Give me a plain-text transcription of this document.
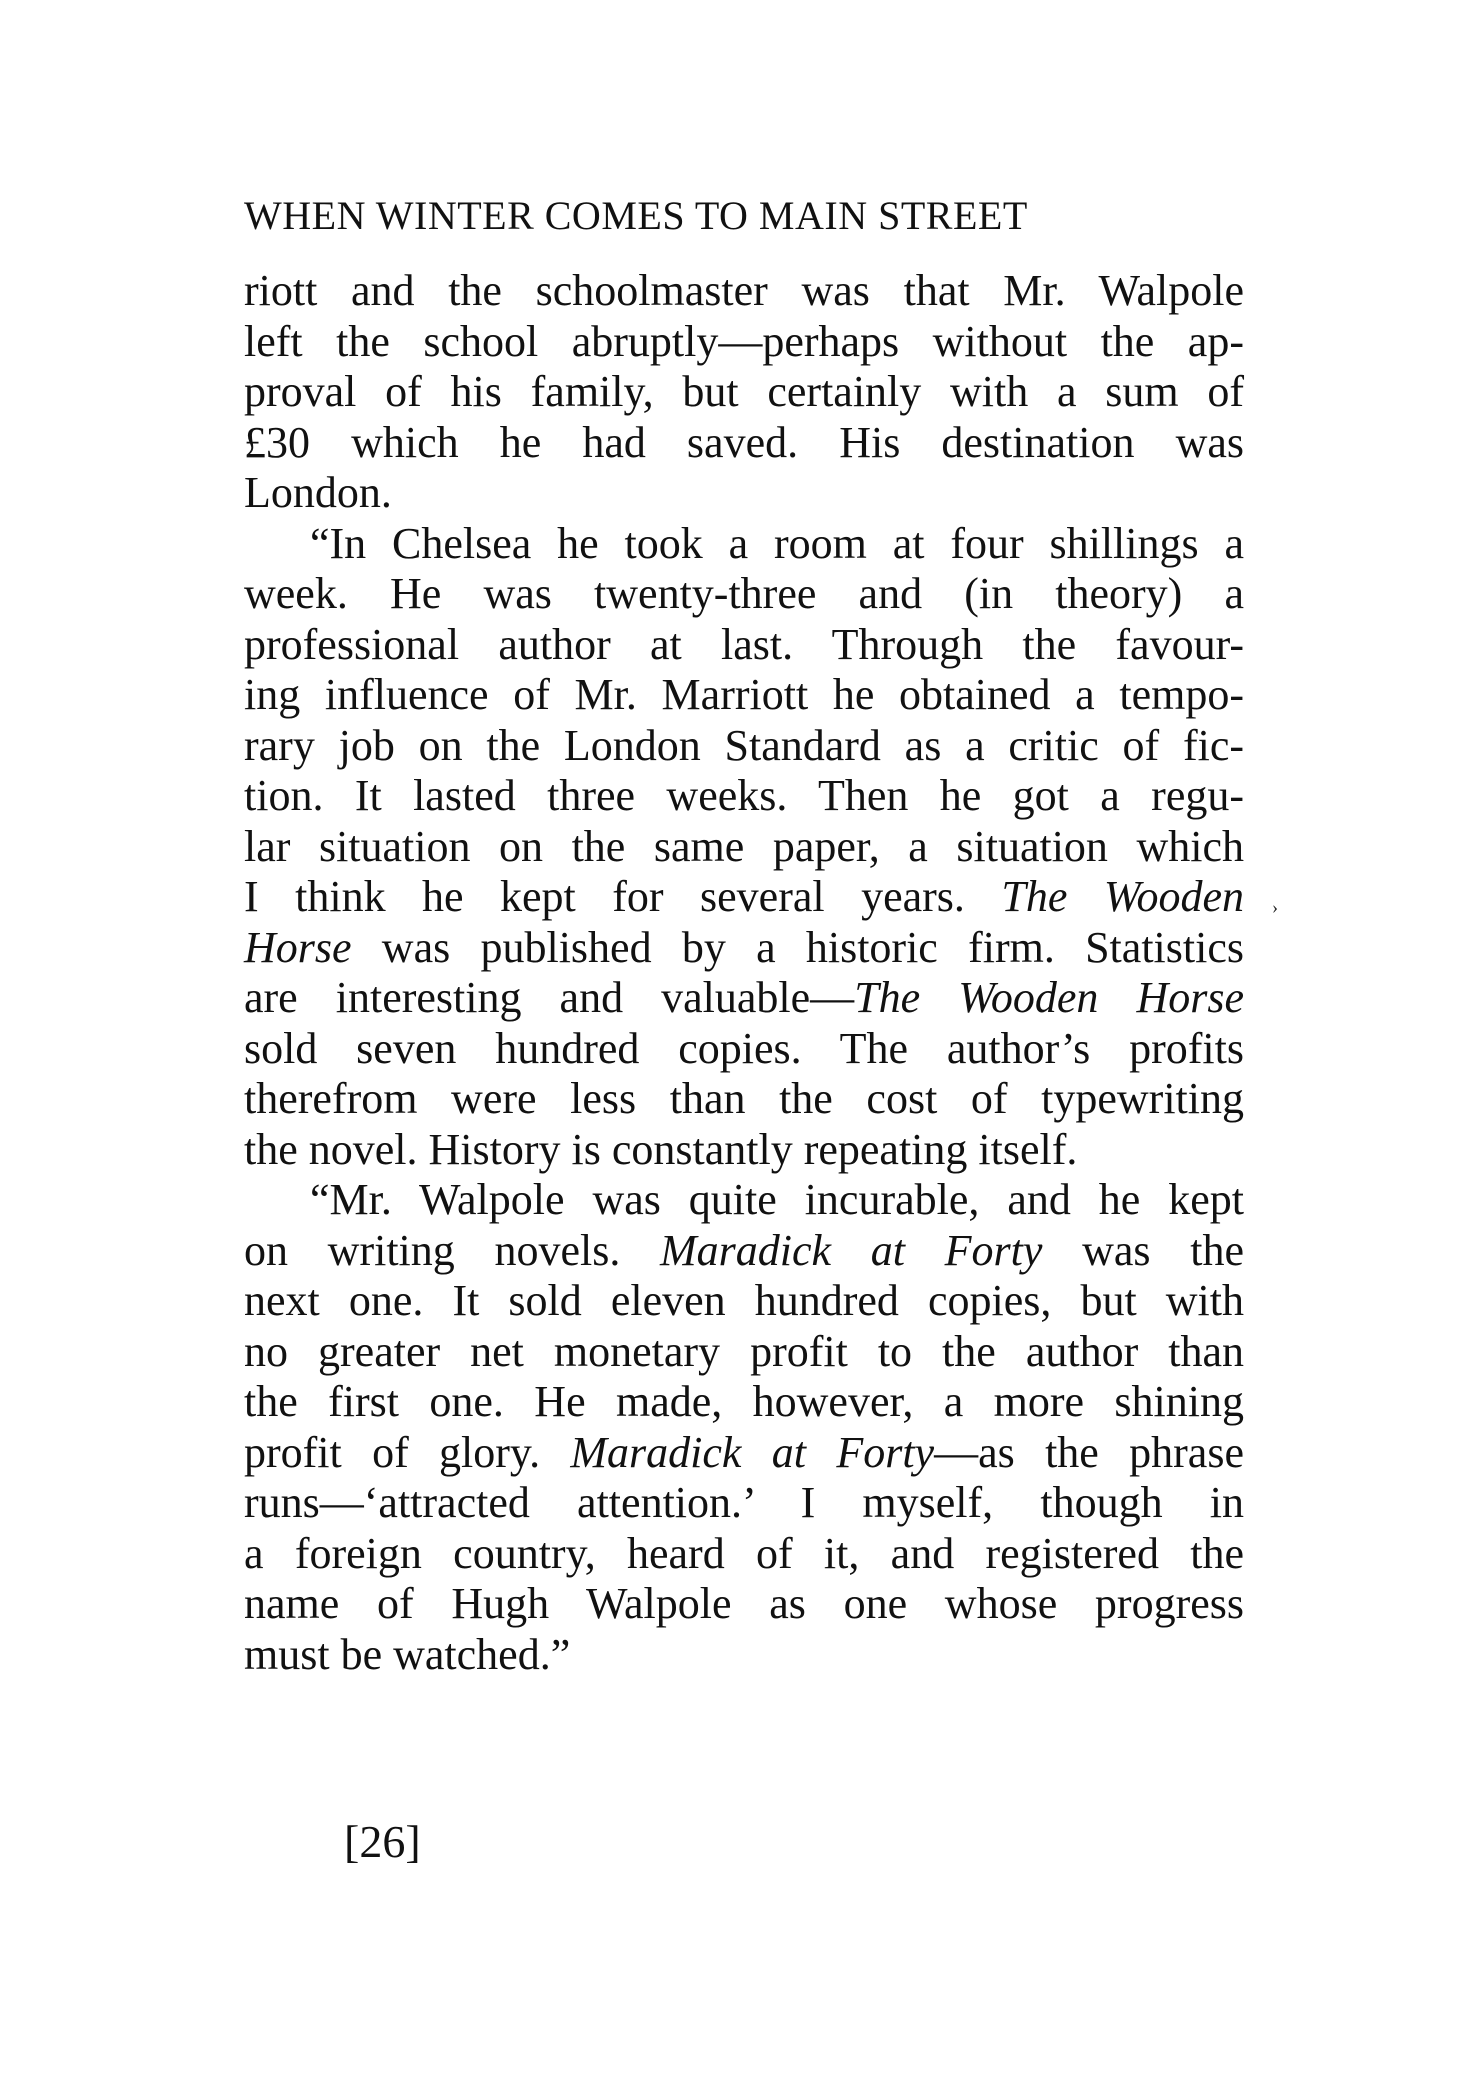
WHEN WINTER COMES TO MAIN STREET
riott and the schoolmaster was that Mr. Walpole
left the school abruptly—perhaps without the ap-
proval of his family, but certainly with a sum of
£30 which he had saved. His destination was
London.
“In Chelsea he took a room at four shillings a
week. He was twenty-three and (in theory) a
professional author at last. Through the favour-
ing influence of Mr. Marriott he obtained a tempo-
rary job on the London Standard as a critic of fic-
tion. It lasted three weeks. Then he got a regu-
lar situation on the same paper, a situation which
I think he kept for several years. The Wooden
Horse was published by a historic firm. Statistics
are interesting and valuable—The Wooden Horse
sold seven hundred copies. The author’s profits
therefrom were less than the cost of typewriting
the novel. History is constantly repeating itself.
“Mr. Walpole was quite incurable, and he kept
on writing novels. Maradick at Forty was the
next one. It sold eleven hundred copies, but with
no greater net monetary profit to the author than
the first one. He made, however, a more shining
profit of glory. Maradick at Forty—as the phrase
runs—‘attracted attention.’ I myself, though in
a foreign country, heard of it, and registered the
name of Hugh Walpole as one whose progress
must be watched.”
›
[26]
